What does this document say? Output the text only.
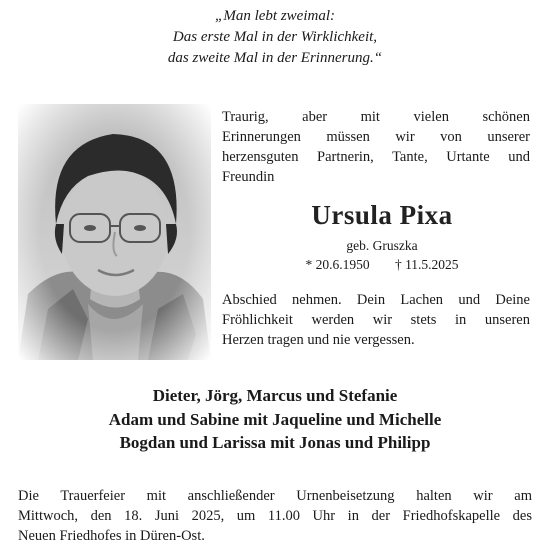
„Man lebt zweimal:
Das erste Mal in der Wirklichkeit,
das zweite Mal in der Erinnerung.“
Traurig, aber mit vielen schönen
Erinnerungen müssen wir von unserer
herzensguten Partnerin, Tante, Urtante und
Freundin
Ursula Pixa
geb. Gruszka
* 20.6.1950 † 11.5.2025
Abschied nehmen. Dein Lachen und Deine
Fröhlichkeit werden wir stets in unseren
Herzen tragen und nie vergessen.
Dieter, Jörg, Marcus und Stefanie
Adam und Sabine mit Jaqueline und Michelle
Bogdan und Larissa mit Jonas und Philipp
Die Trauerfeier mit anschließender Urnenbeisetzung halten wir am
Mittwoch, den 18. Juni 2025, um 11.00 Uhr in der Friedhofskapelle des
Neuen Friedhofes in Düren-Ost.
